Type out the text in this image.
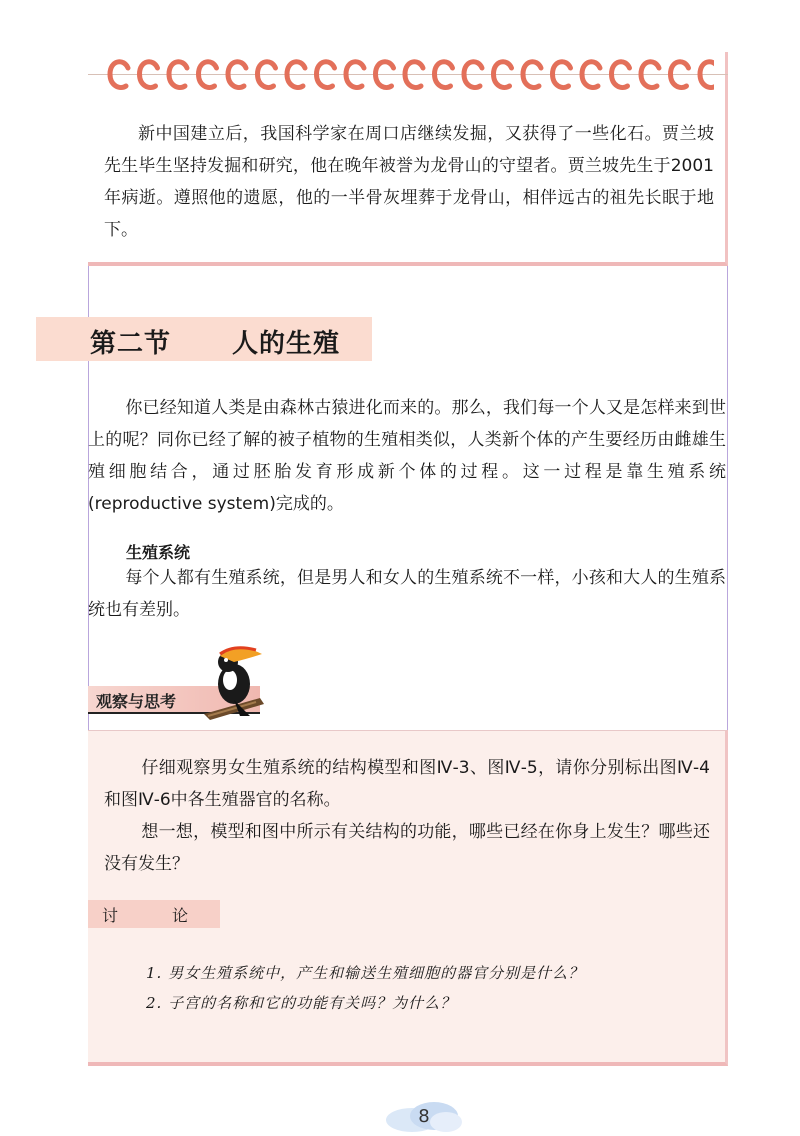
新中国建立后，我国科学家在周口店继续发掘，又获得了一些化石。贾兰坡先生毕生坚持发掘和研究，他在晚年被誉为龙骨山的守望者。贾兰坡先生于2001年病逝。遵照他的遗愿，他的一半骨灰埋葬于龙骨山，相伴远古的祖先长眠于地下。

第二节 人的生殖

你已经知道人类是由森林古猿进化而来的。那么，我们每一个人又是怎样来到世上的呢？同你已经了解的被子植物的生殖相类似，人类新个体的产生要经历由雌雄生殖细胞结合，通过胚胎发育形成新个体的过程。这一过程是靠生殖系统(reproductive system)完成的。

生殖系统

每个人都有生殖系统，但是男人和女人的生殖系统不一样，小孩和大人的生殖系统也有差别。

观察与思考

仔细观察男女生殖系统的结构模型和图Ⅳ-3、图Ⅳ-5，请你分别标出图Ⅳ-4和图Ⅳ-6中各生殖器官的名称。

想一想，模型和图中所示有关结构的功能，哪些已经在你身上发生？哪些还没有发生？

讨	论
1. 男女生殖系统中，产生和输送生殖细胞的器官分别是什么？
2. 子宫的名称和它的功能有关吗？为什么？
8
